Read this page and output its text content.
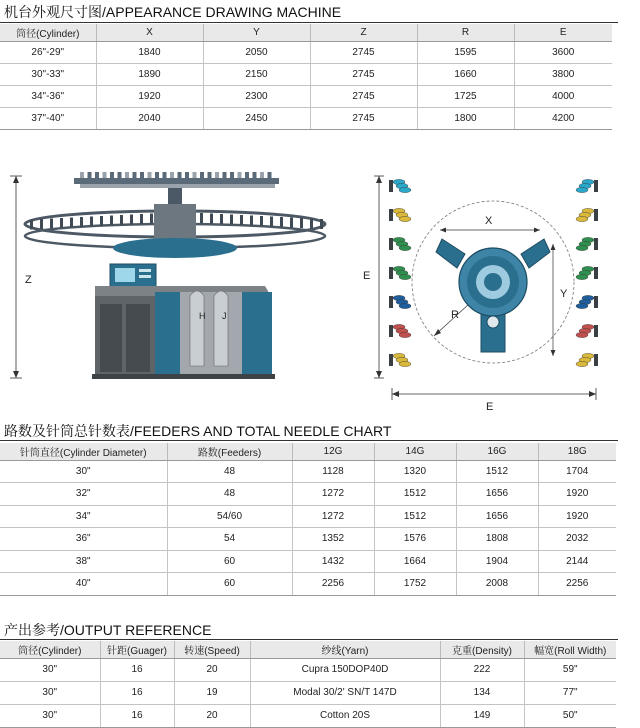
机台外观尺寸图/APPEARANCE DRAWING MACHINE
筒径(Cylinder)	X	Y	Z	R	E
26"-29"	1840	2050	2745	1595	3600
30"-33"	1890	2150	2745	1660	3800
34"-36"	1920	2300	2745	1725	4000
37"-40"	2040	2450	2745	1800	4200
Z
H J
E
E
X
Y
R
路数及针筒总针数表/FEEDERS AND TOTAL NEEDLE CHART
针筒直径(Cylinder Diameter)	路数(Feeders)	12G	14G	16G	18G
30"	48	1128	1320	1512	1704
32"	48	1272	1512	1656	1920
34"	54/60	1272	1512	1656	1920
36"	54	1352	1576	1808	2032
38"	60	1432	1664	1904	2144
40"	60	2256	1752	2008	2256
产出参考/OUTPUT REFERENCE
筒径(Cylinder)	针距(Guager)	转速(Speed)	纱线(Yarn)	克重(Density)	幅宽(Roll Width)
30"	16	20	Cupra 150DOP40D	222	59"
30"	16	19	Modal 30/2' SN/T 147D	134	77"
30"	16	20	Cotton 20S	149	50"
